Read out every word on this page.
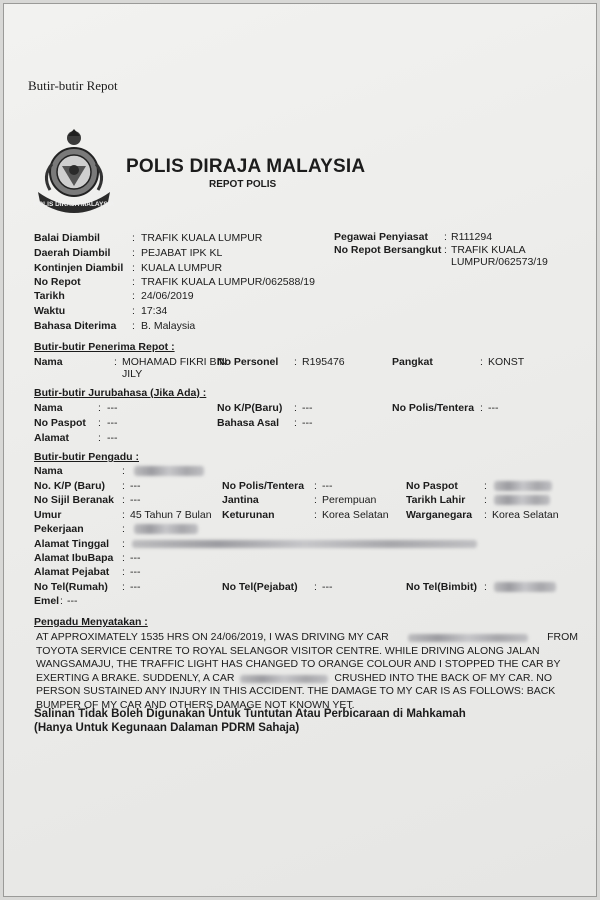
Butir-butir Repot
POLIS DIRAJA MALAYSIA
POLIS DIRAJA MALAYSIA
REPOT POLIS
Balai Diambil	: TRAFIK KUALA LUMPUR
Daerah Diambil : PEJABAT IPK KL
Kontinjen Diambil : KUALA LUMPUR
No Repot	: TRAFIK KUALA LUMPUR/062588/19
Tarikh	: 24/06/2019
Waktu	: 17:34
Bahasa Diterima : B. Malaysia
Pegawai Penyiasat : R111294
No Repot Bersangkut : TRAFIK KUALA
LUMPUR/062573/19
Butir-butir Penerima Repot :
Nama	: MOHAMAD FIKRI BIN
JILY
No Personel : R195476	Pangkat	: KONST
Butir-butir Jurubahasa (Jika Ada) :
Nama	: ---	No K/P(Baru) : ---	No Polis/Tentera : ---
No Paspot : ---	Bahasa Asal : ---
Alamat	: ---
Butir-butir Pengadu :
Nama	:
No. K/P (Baru) : ---	No Polis/Tentera : ---	No Paspot :
No Sijil Beranak : ---	Jantina	: Perempuan	Tarikh Lahir :
Umur	: 45 Tahun 7 Bulan Keturunan	: Korea Selatan Warganegara : Korea Selatan
Pekerjaan	:
Alamat Tinggal :
Alamat IbuBapa : ---
Alamat Pejabat : ---
No Tel(Rumah) : ---	No Tel(Pejabat) : ---	No Tel(Bimbit) :
Emel : ---
Pengadu Menyatakan :
AT APPROXIMATELY 1535 HRS ON 24/06/2019, I WAS DRIVING MY CAR	FROM
TOYOTA SERVICE CENTRE TO ROYAL SELANGOR VISITOR CENTRE. WHILE DRIVING ALONG JALAN
WANGSAMAJU, THE TRAFFIC LIGHT HAS CHANGED TO ORANGE COLOUR AND I STOPPED THE CAR BY
EXERTING A BRAKE. SUDDENLY, A CAR	CRUSHED INTO THE BACK OF MY CAR. NO
PERSON SUSTAINED ANY INJURY IN THIS ACCIDENT. THE DAMAGE TO MY CAR IS AS FOLLOWS: BACK
BUMPER OF MY CAR AND OTHERS DAMAGE NOT KNOWN YET.
Salinan Tidak Boleh Digunakan Untuk Tuntutan Atau Perbicaraan di Mahkamah
(Hanya Untuk Kegunaan Dalaman PDRM Sahaja)
